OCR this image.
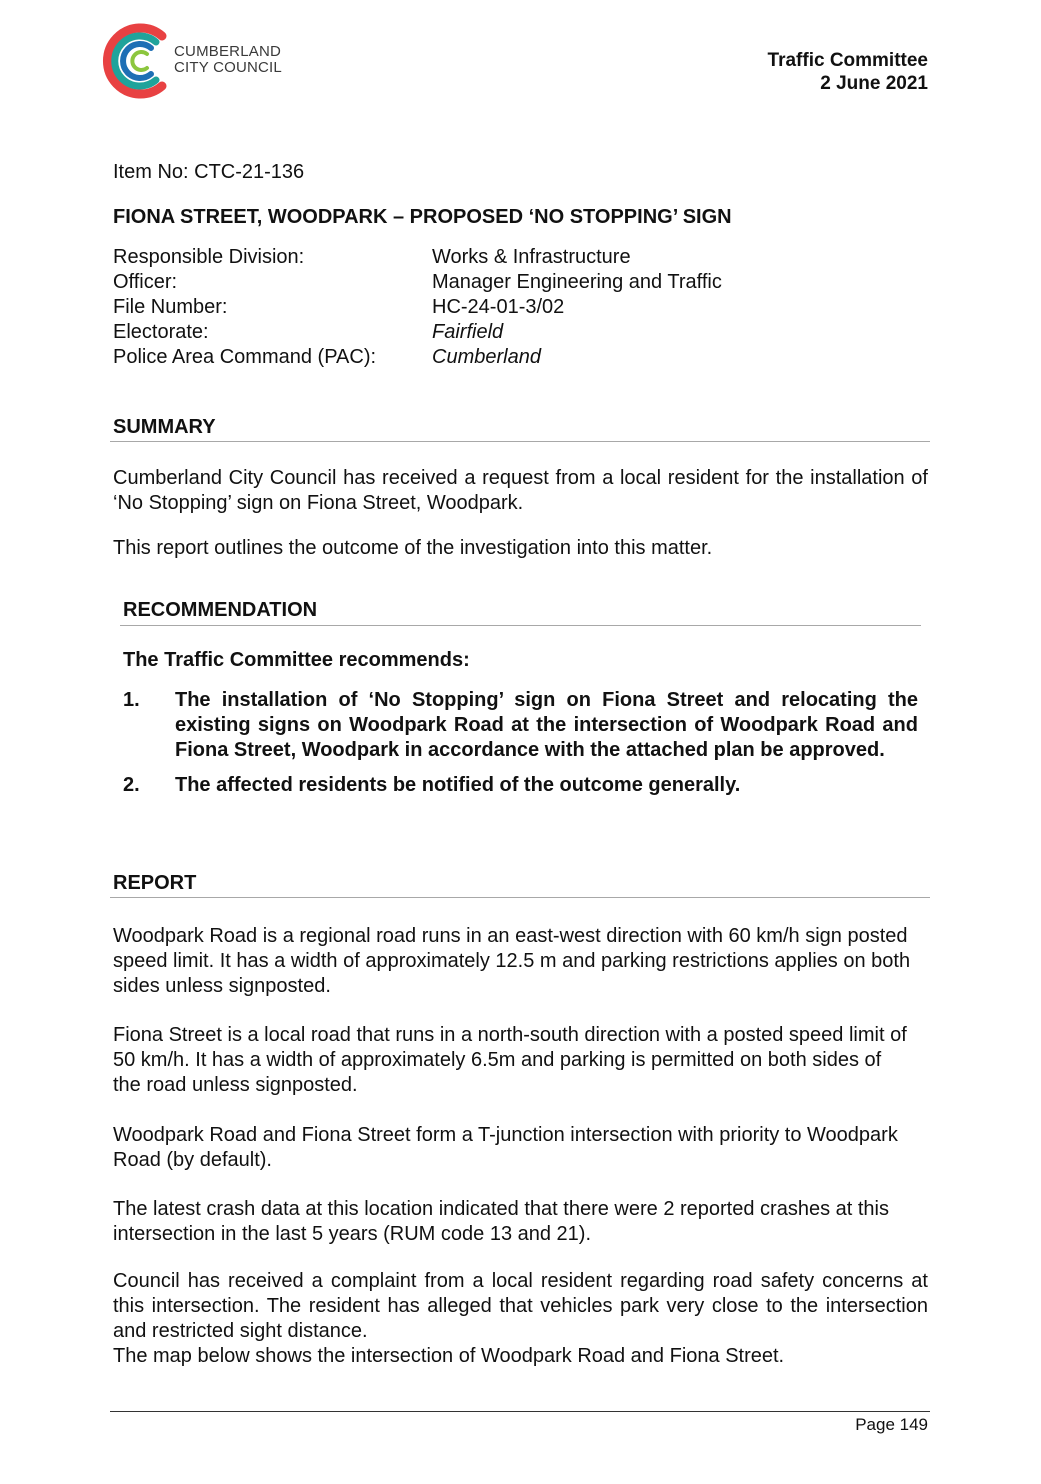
CUMBERLAND
CITY COUNCIL	Traffic Committee
2 June 2021
Item No: CTC-21-136
FIONA STREET, WOODPARK – PROPOSED ‘NO STOPPING’ SIGN
Responsible Division:	Works & Infrastructure
Officer:	Manager Engineering and Traffic
File Number:	HC-24-01-3/02
Electorate:	Fairfield
Police Area Command (PAC):	Cumberland
SUMMARY
Cumberland City Council has received a request from a local resident for the installation of ‘No Stopping’ sign on Fiona Street, Woodpark.
This report outlines the outcome of the investigation into this matter.
RECOMMENDATION
The Traffic Committee recommends:
1.	The installation of ‘No Stopping’ sign on Fiona Street and relocating the existing signs on Woodpark Road at the intersection of Woodpark Road and Fiona Street, Woodpark in accordance with the attached plan be approved.
2.	The affected residents be notified of the outcome generally.
REPORT
Woodpark Road is a regional road runs in an east-west direction with 60 km/h sign posted speed limit. It has a width of approximately 12.5 m and parking restrictions applies on both sides unless signposted.
Fiona Street is a local road that runs in a north-south direction with a posted speed limit of 50 km/h. It has a width of approximately 6.5m and parking is permitted on both sides of the road unless signposted.
Woodpark Road and Fiona Street form a T-junction intersection with priority to Woodpark Road (by default).
The latest crash data at this location indicated that there were 2 reported crashes at this intersection in the last 5 years (RUM code 13 and 21).
Council has received a complaint from a local resident regarding road safety concerns at this intersection. The resident has alleged that vehicles park very close to the intersection and restricted sight distance.
The map below shows the intersection of Woodpark Road and Fiona Street.
Page 149
